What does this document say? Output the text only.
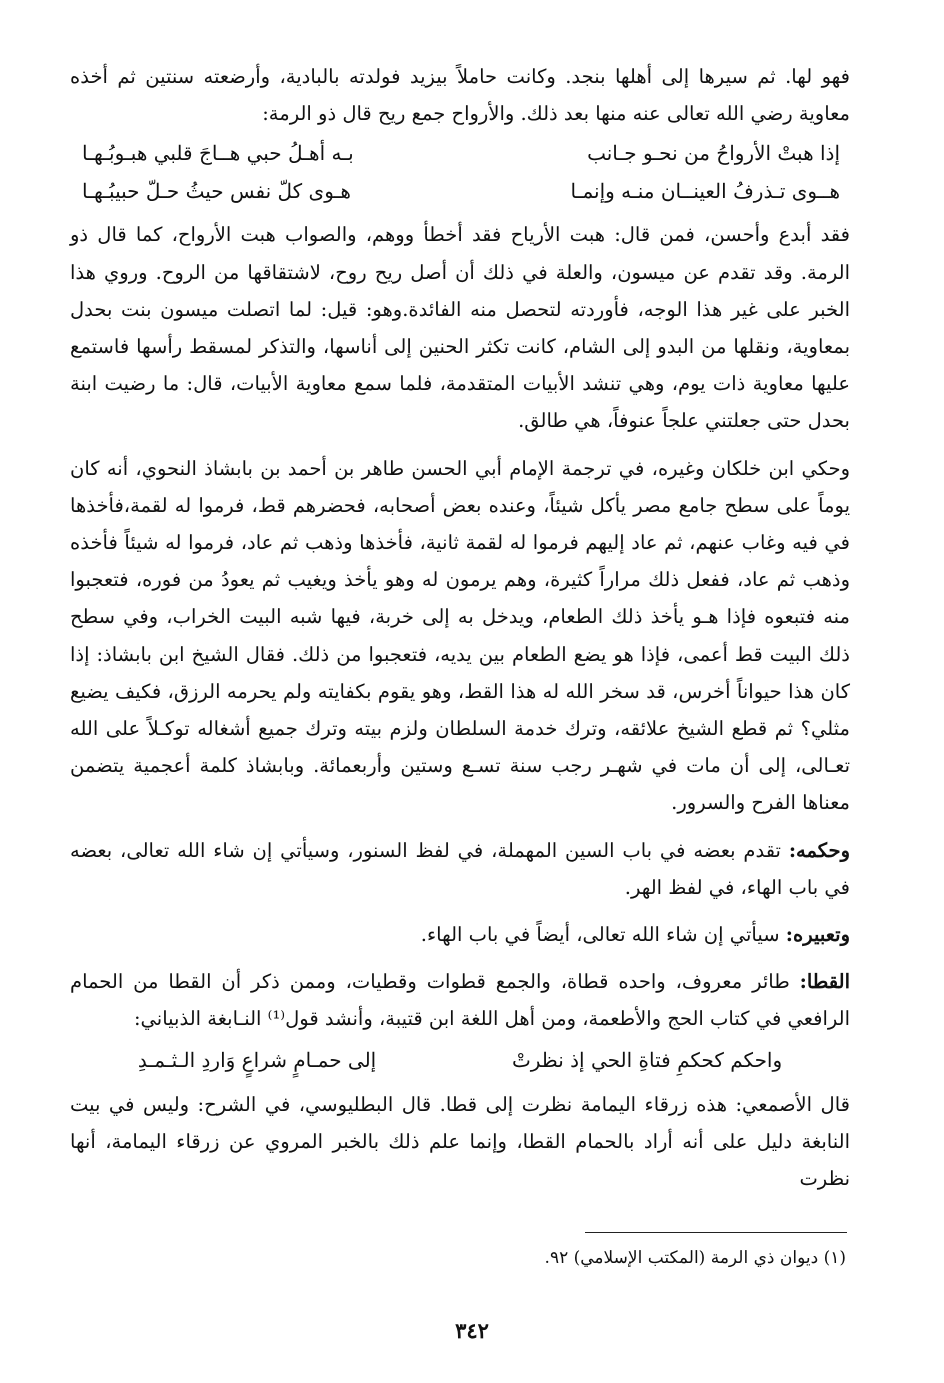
فهو لها. ثم سيرها إلى أهلها بنجد. وكانت حاملاً بيزيد فولدته بالبادية، وأرضعته سنتين ثم أخذه معاوية رضي الله تعالى عنه منها بعد ذلك. والأرواح جمع ريح قال ذو الرمة:

إذا هبتْ الأرواحُ من نحـو جـانب
بـه أهـلُ حبي هــاجَ قلبي هبـوبُـهـا
هــوى تـذرفُ العينــان منـه وإنمـا
هـوى كلّ نفس حيثُ حـلّ حبيبُـهـا

فقد أبدع وأحسن، فمن قال: هبت الأرياح فقد أخطأ ووهم، والصواب هبت الأرواح، كما قال ذو الرمة. وقد تقدم عن ميسون، والعلة في ذلك أن أصل ريح روح، لاشتقاقها من الروح. وروي هذا الخبر على غير هذا الوجه، فأوردته لتحصل منه الفائدة.وهو: قيل: لما اتصلت ميسون بنت بحدل بمعاوية، ونقلها من البدو إلى الشام، كانت تكثر الحنين إلى أناسها، والتذكر لمسقط رأسها فاستمع عليها معاوية ذات يوم، وهي تنشد الأبيات المتقدمة، فلما سمع معاوية الأبيات، قال: ما رضيت ابنة بحدل حتى جعلتني علجاً عنوفاً، هي طالق.

وحكي ابن خلكان وغيره، في ترجمة الإمام أبي الحسن طاهر بن أحمد بن بابشاذ النحوي، أنه كان يوماً على سطح جامع مصر يأكل شيئاً، وعنده بعض أصحابه، فحضرهم قط، فرموا له لقمة،فأخذها في فيه وغاب عنهم، ثم عاد إليهم فرموا له لقمة ثانية، فأخذها وذهب ثم عاد، فرموا له شيئاً فأخذه وذهب ثم عاد، ففعل ذلك مراراً كثيرة، وهم يرمون له وهو يأخذ ويغيب ثم يعودُ من فوره، فتعجبوا منه فتبعوه فإذا هـو يأخذ ذلك الطعام، ويدخل به إلى خربة، فيها شبه البيت الخراب، وفي سطح ذلك البيت قط أعمى، فإذا هو يضع الطعام بين يديه، فتعجبوا من ذلك. فقال الشيخ ابن بابشاذ: إذا كان هذا حيواناً أخرس، قد سخر الله له هذا القط، وهو يقوم بكفايته ولم يحرمه الرزق، فكيف يضيع مثلي؟ ثم قطع الشيخ علائقه، وترك خدمة السلطان ولزم بيته وترك جميع أشغاله توكـلاً على الله تعـالى، إلى أن مات في شهـر رجب سنة تسـع وستين وأربعمائة. وبابشاذ كلمة أعجمية يتضمن معناها الفرح والسرور.

وحكمه: تقدم بعضه في باب السين المهملة، في لفظ السنور، وسيأتي إن شاء الله تعالى، بعضه في باب الهاء، في لفظ الهر.

وتعبيره: سيأتي إن شاء الله تعالى، أيضاً في باب الهاء.

القطا: طائر معروف، واحده قطاة، والجمع قطوات وقطيات، وممن ذكر أن القطا من الحمام الرافعي في كتاب الحج والأطعمة، ومن أهل اللغة ابن قتيبة، وأنشد قول⁽¹⁾ النـابغة الذبياني:

واحكم كحكمِ فتاةِ الحي إذ نظرتْ
إلى حمـامٍ شراعٍ وَاردِ الـثـمـدِ

قال الأصمعي: هذه زرقاء اليمامة نظرت إلى قطا. قال البطليوسي، في الشرح: وليس في بيت النابغة دليل على أنه أراد بالحمام القطا، وإنما علم ذلك بالخبر المروي عن زرقاء اليمامة، أنها نظرت

(١) ديوان ذي الرمة (المكتب الإسلامي) ٩٢.
٣٤٢
